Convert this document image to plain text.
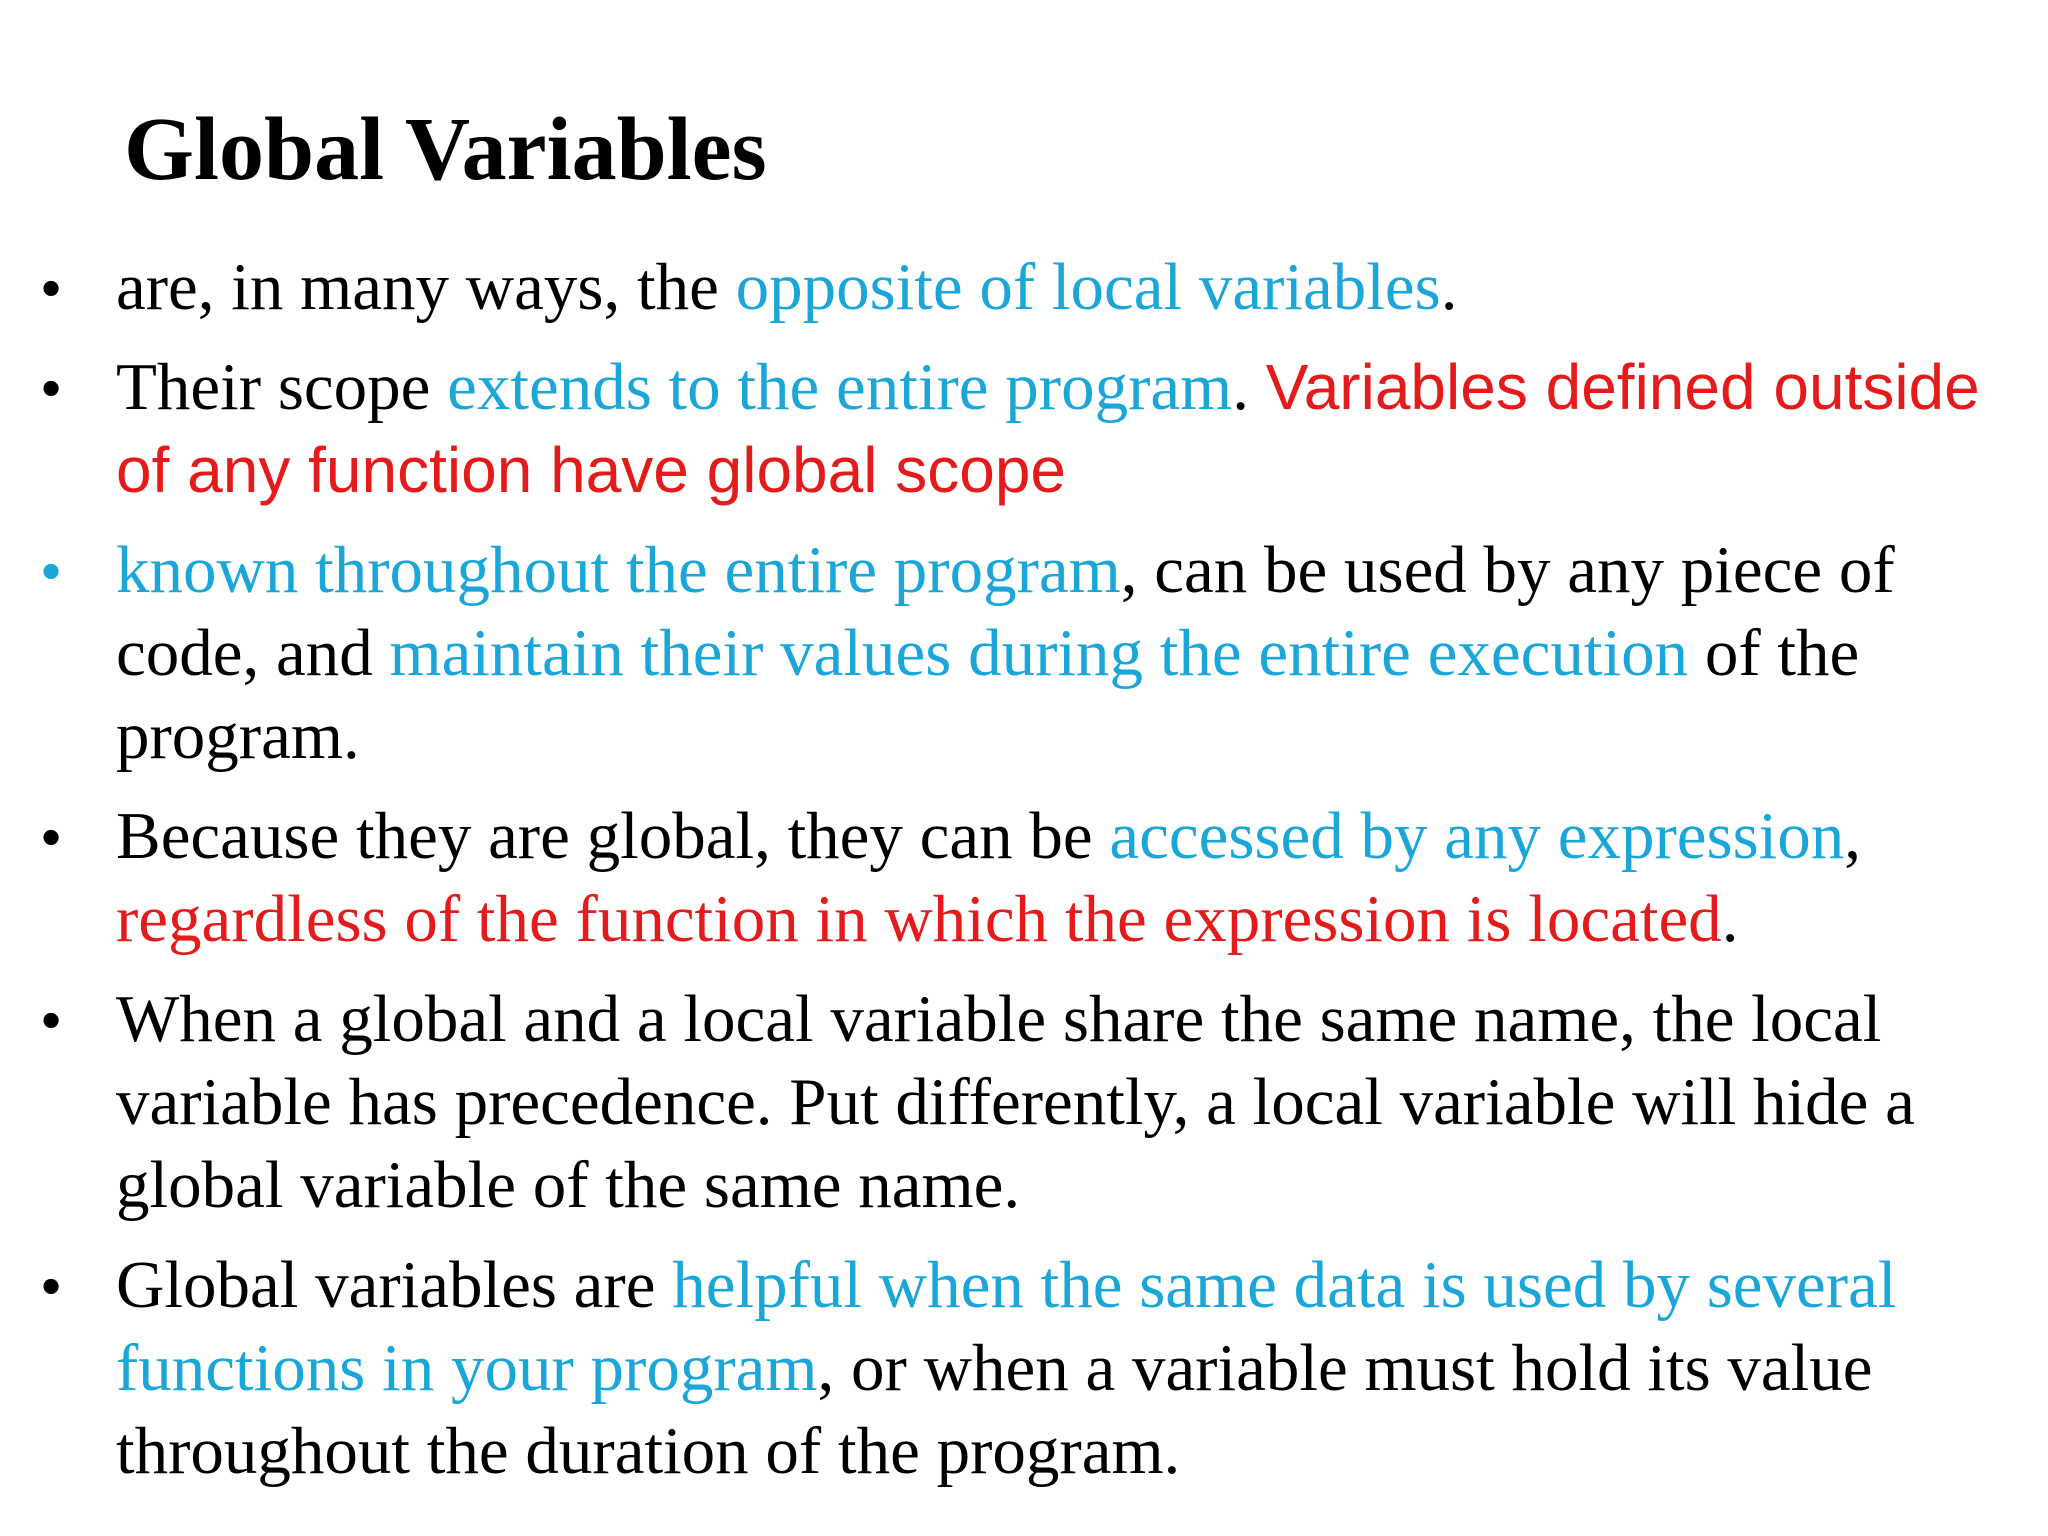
Global Variables
• are, in many ways, the opposite of local variables.
• Their scope extends to the entire program. Variables defined outside of any function have global scope
• known throughout the entire program, can be used by any piece of code, and maintain their values during the entire execution of the program.
• Because they are global, they can be accessed by any expression, regardless of the function in which the expression is located.
• When a global and a local variable share the same name, the local variable has precedence. Put differently, a local variable will hide a global variable of the same name.
• Global variables are helpful when the same data is used by several functions in your program, or when a variable must hold its value throughout the duration of the program.
